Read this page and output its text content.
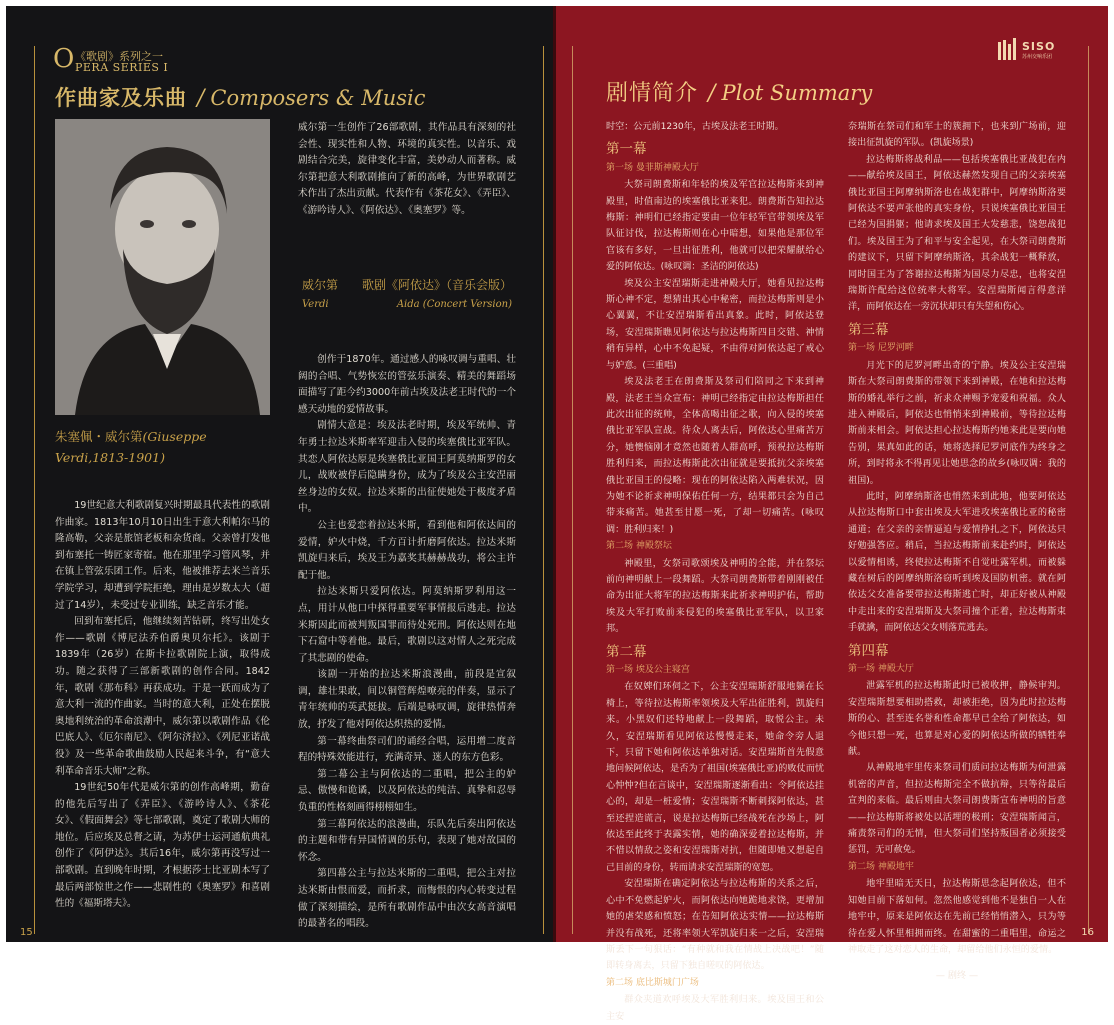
O 《歌剧》系列之一
PERA SERIES I
作曲家及乐曲 / Composers & Music
朱塞佩・威尔第(Giuseppe
Verdi,1813-1901)

威尔第一生创作了26部歌剧，其作品具有深刻的社会性、现实性和人物、环境的真实性。以音乐、戏剧结合完美，旋律变化丰富，美妙动人而著称。威尔第把意大利歌剧推向了新的高峰，为世界歌剧艺术作出了杰出贡献。代表作有《茶花女》、《弄臣》、《游吟诗人》、《阿依达》、《奥塞罗》等。

威尔第 歌剧《阿依达》（音乐会版）
Verdi	Aida (Concert Version)

19世纪意大利歌剧复兴时期最具代表性的歌剧作曲家。1813年10月10日出生于意大利帕尔马的隆高勒，父亲是旅馆老板和杂货商。父亲曾打发他到布塞托一铸匠家寄宿。他在那里学习管风琴，并在镇上管弦乐团工作。后来，他被推荐去米兰音乐学院学习，却遭到学院拒绝，理由是岁数太大（超过了14岁），未受过专业训练，缺乏音乐才能。

回到布塞托后，他继续刻苦钻研，终写出处女作——歌剧《博尼法乔伯爵奥贝尔托》。该剧于1839年（26岁）在斯卡拉歌剧院上演，取得成功。随之获得了三部新歌剧的创作合同。1842年，歌剧《那布科》再获成功。于是一跃而成为了意大利一流的作曲家。当时的意大利，正处在摆脱奥地利统治的革命浪潮中，威尔第以歌剧作品《伦巴底人》、《厄尔南尼》、《阿尔济拉》、《列尼亚诺战役》及一些革命歌曲鼓励人民起来斗争，有“意大利革命音乐大师”之称。

19世纪50年代是威尔第的创作高峰期，勤奋的他先后写出了《弄臣》、《游吟诗人》、《茶花女》、《假面舞会》等七部歌剧，奠定了歌剧大师的地位。后应埃及总督之请，为苏伊士运河通航典礼创作了《阿伊达》。其后16年，威尔第再没写过一部歌剧。直到晚年时期，才根据莎士比亚剧本写了最后两部惊世之作——悲剧性的《奥塞罗》和喜剧性的《福斯塔夫》。

创作于1870年。通过感人的咏叹调与重唱、壮阔的合唱、气势恢宏的管弦乐演奏、精美的舞蹈场面描写了距今约3000年前古埃及法老王时代的一个感天动地的爱情故事。

剧情大意是：埃及法老时期，埃及军统帅、青年勇士拉达米斯率军迎击入侵的埃塞俄比亚军队。其恋人阿依达原是埃塞俄比亚国王阿莫纳斯罗的女儿，战败被俘后隐瞒身份，成为了埃及公主安涅丽丝身边的女奴。拉达米斯的出征使她处于极度矛盾中。

公主也爱恋着拉达米斯，看到他和阿依达间的爱情，妒火中烧，千方百计折磨阿依达。拉达米斯凯旋归来后，埃及王为嘉奖其赫赫战功，将公主许配于他。

拉达米斯只爱阿依达。阿莫纳斯罗利用这一点，用计从他口中探得重要军事情报后逃走。拉达米斯因此而被判叛国罪而待处死刑。阿依达则在地下石窟中等着他。最后，歌剧以这对情人之死完成了其悲剧的使命。

该剧一开始的拉达米斯浪漫曲，前段是宣叙调，雄壮果敢，间以铜管辉煌嘹亮的伴奏，显示了青年统帅的英武挺拔。后端是咏叹调，旋律热情奔放，抒发了他对阿依达炽热的爱情。

第一幕终曲祭司们的诵经合唱，运用增二度音程的特殊效能进行，充满奇异、迷人的东方色彩。

第二幕公主与阿依达的二重唱，把公主的妒忌、傲慢和诡谲，以及阿依达的纯洁、真挚和忍辱负重的性格刻画得栩栩如生。

第三幕阿依达的浪漫曲，乐队先后奏出阿依达的主题和带有异国情调的乐句，表现了她对故国的怀念。

第四幕公主与拉达米斯的二重唱，把公主对拉达米斯由恨而爱，而折求，而悔恨的内心转变过程做了深刻描绘，是所有歌剧作品中由次女高音演唱的最著名的唱段。

15
SISO
苏州交响乐团
剧情简介 / Plot Summary

时空：公元前1230年，古埃及法老王时期。

第一幕
第一场 曼菲斯神殿大厅

大祭司朗费斯和年轻的埃及军官拉达梅斯来到神殿里，时值南边的埃塞俄比亚来犯。朗费斯告知拉达梅斯：神明们已经指定要由一位年轻军官带领埃及军队征讨伐，拉达梅斯则在心中暗想，如果他是那位军官该有多好，一旦出征胜利，他就可以把荣耀献给心爱的阿依达。(咏叹调：圣洁的阿依达)

埃及公主安涅瑞斯走进神殿大厅，她看见拉达梅斯心神不定，想猜出其心中秘密，而拉达梅斯则是小心翼翼，不让安涅瑞斯看出真象。此时，阿依达登场，安涅瑞斯瞧见阿依达与拉达梅斯四目交错、神情稍有异样，心中不免起疑，不由得对阿依达起了戒心与妒意。(三重唱)

埃及法老王在朗费斯及祭司们陪同之下来到神殿，法老王当众宣布：神明已经指定由拉达梅斯担任此次出征的统帅，全体高喝出征之歌，向入侵的埃塞俄比亚军队宣战。待众人离去后，阿依达心里痛苦万分，她懊恼刚才竟然也随着人群高呼，预祝拉达梅斯胜利归来，而拉达梅斯此次出征就是要抵抗父亲埃塞俄比亚国王的侵略：现在的阿依达陷入两难状况，因为她不论祈求神明保佑任何一方，结果都只会为自己带来痛苦。她甚至甘愿一死，了却一切痛苦。(咏叹调：胜利归来！)

第二场 神殿祭坛

神殿里，女祭司歌颂埃及神明的全能，并在祭坛前向神明献上一段舞蹈。大祭司朗费斯带着刚刚被任命为出征大将军的拉达梅斯来此祈求神明护佑，帮助埃及大军打败前来侵犯的埃塞俄比亚军队，以卫家邦。

第二幕
第一场 埃及公主寝宫

在奴婢们环伺之下，公主安涅瑞斯舒服地躺在长椅上，等待拉达梅斯率领埃及大军出征胜利，凯旋归来。小黑奴们还特地献上一段舞蹈，取悦公主。未久，安涅瑞斯看见阿依达慢慢走来，她命令旁人退下，只留下她和阿依达单独对话。安涅瑞斯首先假意地问候阿依达，是否为了祖国(埃塞俄比亚)的败仗而忧心忡忡?但在言谈中，安涅瑞斯逐渐看出：令阿依达挂心的，却是一桩爱情；安涅瑞斯不断刺探阿依达，甚至还捏造谎言，说是拉达梅斯已经战死在沙场上，阿依达至此终于表露实情，她的确深爱着拉达梅斯，并不惜以情敌之姿和安涅瑞斯对抗，但随即她又想起自己目前的身份，转而请求安涅瑞斯的宽恕。

安涅瑞斯在确定阿依达与拉达梅斯的关系之后，心中不免燃起妒火，而阿依达向她跪地求饶，更增加她的虐荣感和愤怒；在告知阿依达实情——拉达梅斯并没有战死，还将率领大军凯旋归来一之后，安涅瑞斯丢下一句狠话：“有种就和我在情战上决战吧！”随即转身离去，只留下独自嗟叹的阿依达。

第二场 底比斯城门广场

群众夹道欢呼埃及大军胜利归来。埃及国王和公主安

奈瑞斯在祭司们和军士的簇拥下，也来到广场前，迎接出征凯旋的军队。(凯旋场景)

拉达梅斯将战利品——包括埃塞俄比亚战犯在内——献给埃及国王，阿依达赫然发现自己的父亲埃塞俄比亚国王阿摩纳斯洛也在战犯群中，阿摩纳斯洛要阿依达不要声张他的真实身份，只说埃塞俄比亚国王已经为国捐躯；他请求埃及国王大发慈悲，饶恕战犯们。埃及国王为了和平与安全起见，在大祭司朗费斯的建议下，只留下阿摩纳斯洛，其余战犯一概释放，同时国王为了答谢拉达梅斯为国尽力尽忠，也将安涅瑞斯许配给这位统率大将军。安涅瑞斯闻言得意洋洋，而阿依达在一旁沉状却只有失望和伤心。

第三幕
第一场 尼罗河畔

月光下的尼罗河畔出奇的宁静。埃及公主安涅瑞斯在大祭司朗费斯的带领下来到神殿，在她和拉达梅斯的婚礼举行之前，祈求众神赐予宠爱和祝福。众人进入神殿后，阿依达也悄悄来到神殿前，等待拉达梅斯前来相会。阿依达担心拉达梅斯约她来此是要向她告别，果真如此的话，她将选择尼罗河底作为终身之所，到时将永不得再见让她思念的故乡(咏叹调：我的祖国)。

此时，阿摩纳斯洛也悄然来到此地，他要阿依达从拉达梅斯口中套出埃及大军进攻埃塞俄比亚的秘密通道；在父亲的亲情逼迫与爱情挣扎之下，阿依达只好勉强答应。稍后，当拉达梅斯前来赴约时，阿依达以爱情相诱，终使拉达梅斯不自觉吐露军机，而被躲藏在树后的阿摩纳斯洛窃听到埃及国防机密。就在阿依达父女准备要带拉达梅斯逃亡时，却正好被从神殿中走出来的安涅瑞斯及大祭司撞个正着，拉达梅斯束手就擒，而阿依达父女则落荒逃去。

第四幕
第一场 神殿大厅

泄露军机的拉达梅斯此时已被收押，静候审判。安涅瑞斯想要相助搭救，却被拒绝，因为此时拉达梅斯的心、甚至连名誉和性命都早已全给了阿依达，如今他只想一死，也算是对心爱的阿依达所做的牺牲奉献。

从神殿地牢里传来祭司们质问拉达梅斯为何泄露机密的声音，但拉达梅斯完全不做抗辩，只等待最后宣判的来临。最后则由大祭司朗费斯宣布神明的旨意——拉达梅斯将被处以活埋的极刑；安涅瑞斯闻言，痛责祭司们的无情，但大祭司们坚持叛国者必须接受惩罚，无可赦免。

第二场 神殿地牢

地牢里暗无天日，拉达梅斯思念起阿依达，但不知她目前下落如何。忽然他感觉到他不是独自一人在地牢中，原来是阿依达在先前已经悄悄潜入，只为等待在爱人怀里相拥而终。在甜蜜的二重唱里，命运之神取走了这对恋人的生命，却留给他们永恒的爱情。

— 剧终 —
16
